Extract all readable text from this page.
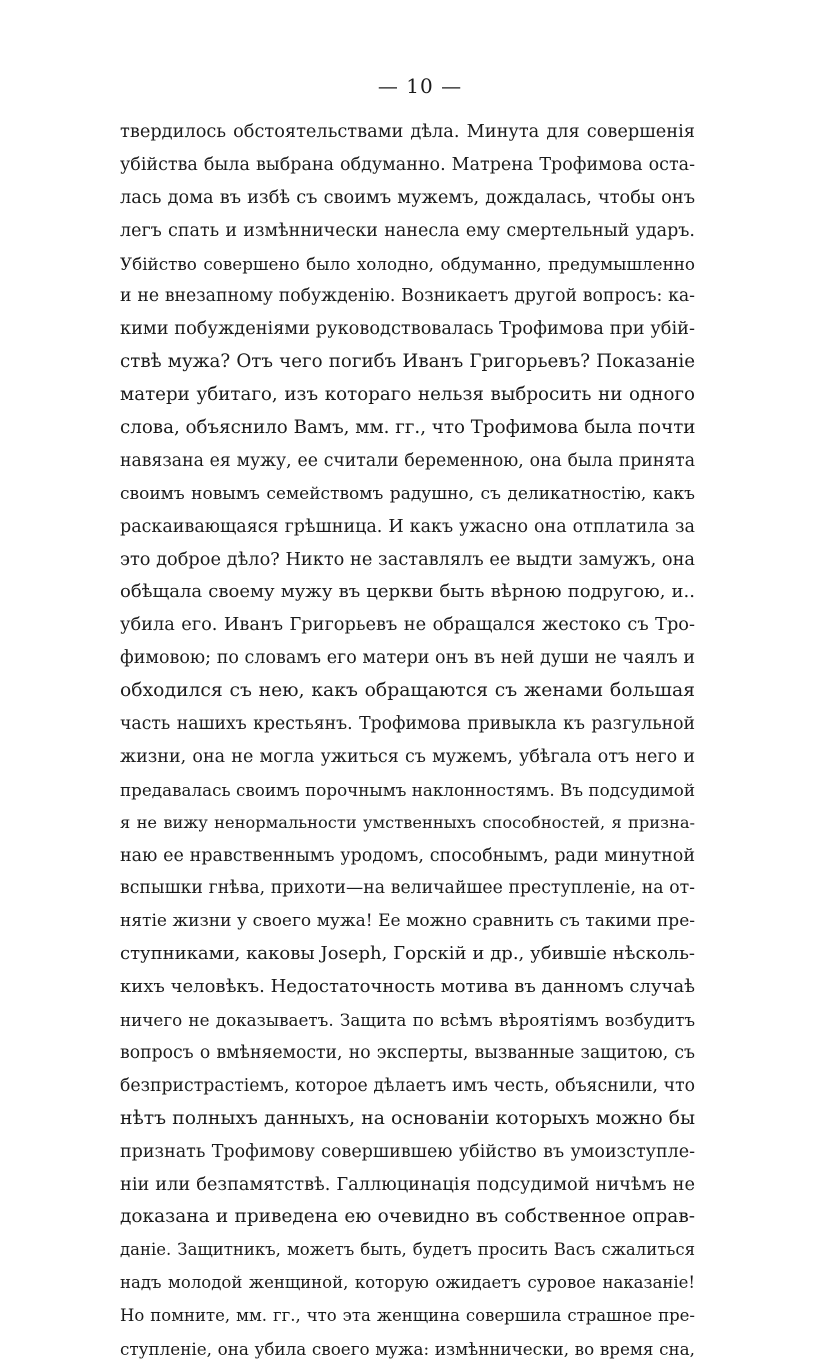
— 10 —
твердилось обстоятельствами дѣла. Минута для совершенія
убійства была выбрана обдуманно. Матрена Трофимова оста-
лась дома въ избѣ съ своимъ мужемъ, дождалась, чтобы онъ
легъ спать и измѣннически нанесла ему смертельный ударъ.
Убійство совершено было холодно, обдуманно, предумышленно
и не внезапному побужденію. Возникаетъ другой вопросъ: ка-
кими побужденіями руководствовалась Трофимова при убій-
ствѣ мужа? Отъ чего погибъ Иванъ Григорьевъ? Показаніе
матери убитаго, изъ котораго нельзя выбросить ни одного
слова, объяснило Вамъ, мм. гг., что Трофимова была почти
навязана ея мужу, ее считали беременною, она была принята
своимъ новымъ семействомъ радушно, съ деликатностію, какъ
раскаивающаяся грѣшница. И какъ ужасно она отплатила за
это доброе дѣло? Никто не заставлялъ ее выдти замужъ, она
обѣщала своему мужу въ церкви быть вѣрною подругою, и..
убила его. Иванъ Григорьевъ не обращался жестоко съ Тро-
фимовою; по словамъ его матери онъ въ ней души не чаялъ и
обходился съ нею, какъ обращаются съ женами большая
часть нашихъ крестьянъ. Трофимова привыкла къ разгульной
жизни, она не могла ужиться съ мужемъ, убѣгала отъ него и
предавалась своимъ порочнымъ наклонностямъ. Въ подсудимой
я не вижу ненормальности умственныхъ способностей, я призна-
наю ее нравственнымъ уродомъ, способнымъ, ради минутной
вспышки гнѣва, прихоти—на величайшее преступленіе, на от-
нятіе жизни у своего мужа! Ее можно сравнить съ такими пре-
ступниками, каковы Joseph, Горскій и др., убившіе нѣсколь-
кихъ человѣкъ. Недостаточность мотива въ данномъ случаѣ
ничего не доказываетъ. Защита по всѣмъ вѣроятіямъ возбудитъ
вопросъ о вмѣняемости, но эксперты, вызванные защитою, съ
безпристрастіемъ, которое дѣлаетъ имъ честь, объяснили, что
нѣтъ полныхъ данныхъ, на основаніи которыхъ можно бы
признать Трофимову совершившею убійство въ умоизступле-
ніи или безпамятствѣ. Галлюцинація подсудимой ничѣмъ не
доказана и приведена ею очевидно въ собственное оправ-
даніе. Защитникъ, можетъ быть, будетъ просить Васъ сжалиться
надъ молодой женщиной, которую ожидаетъ суровое наказаніе!
Но помните, мм. гг., что эта женщина совершила страшное пре-
ступленіе, она убила своего мужа: измѣннически, во время сна,
